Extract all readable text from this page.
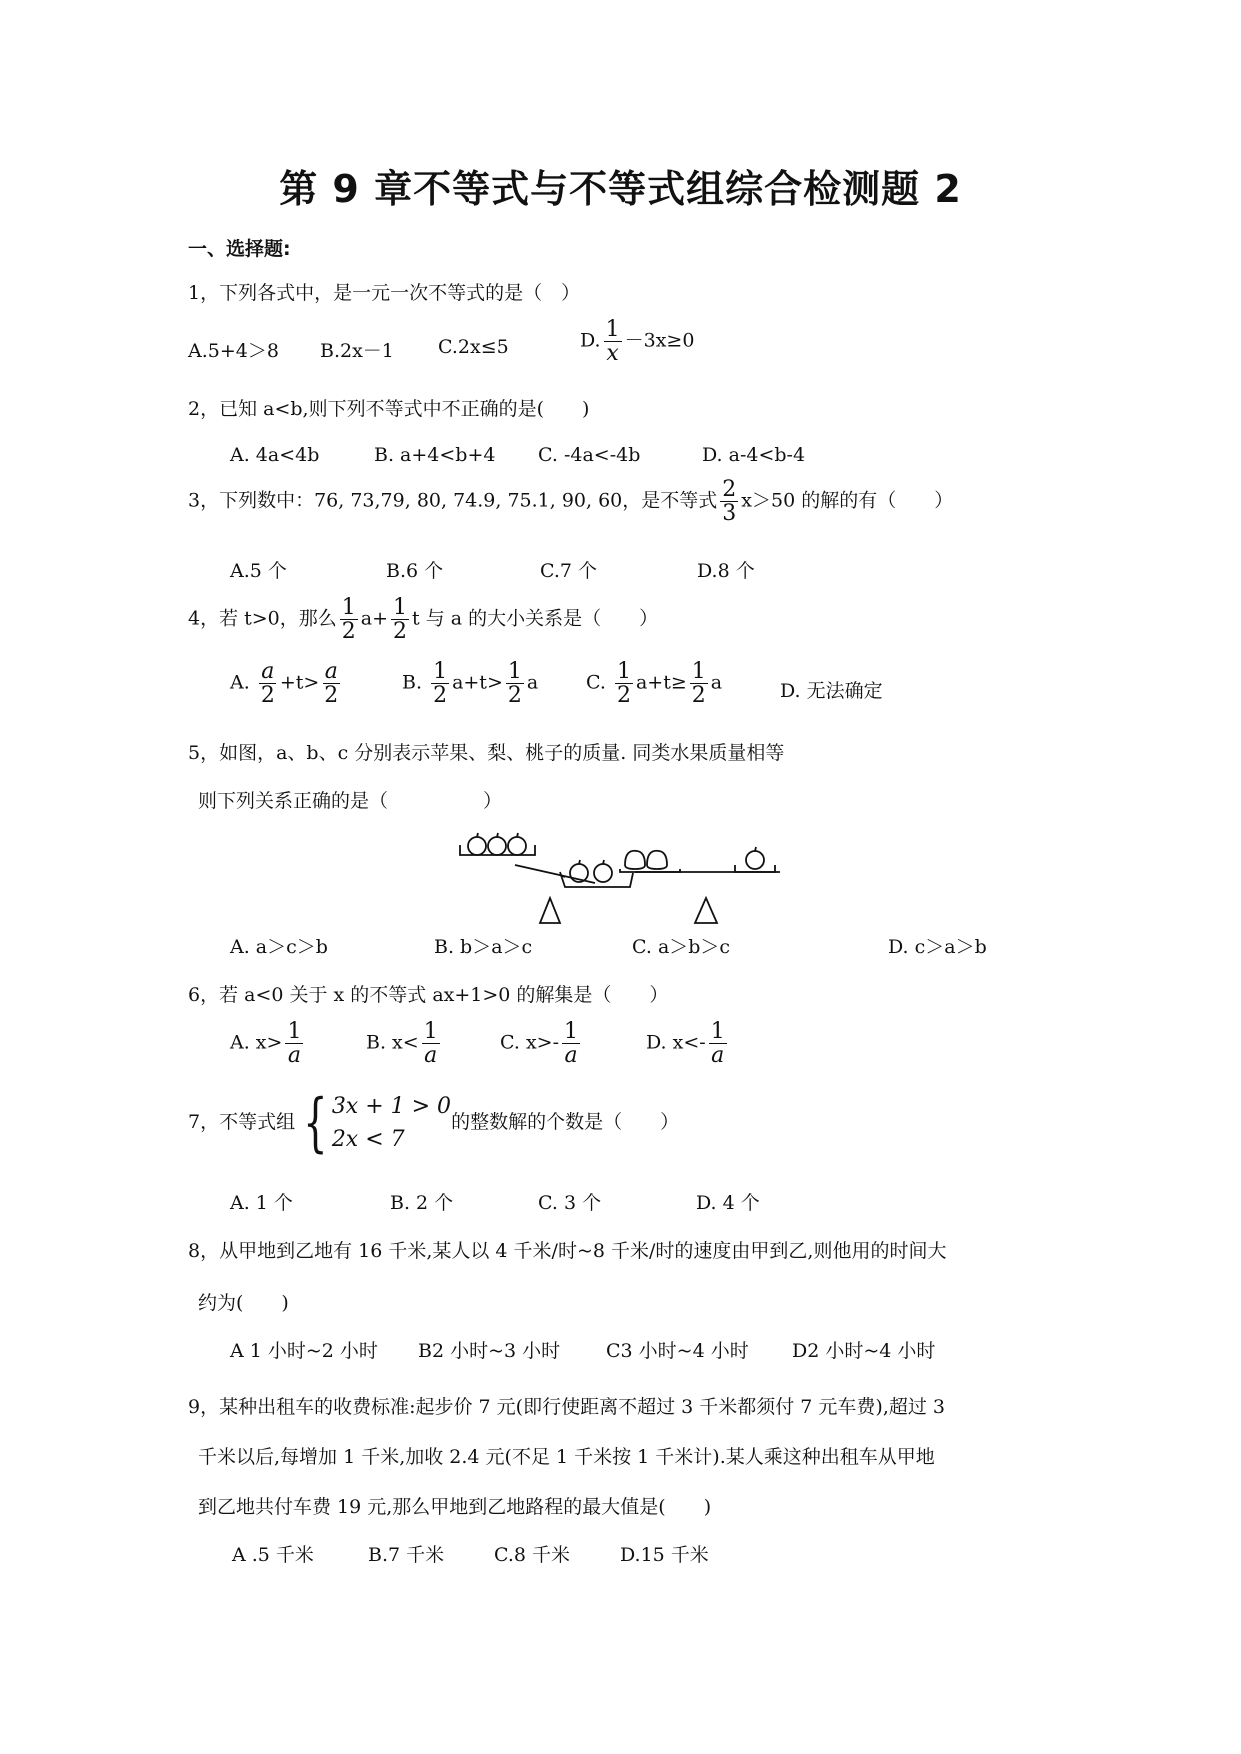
第 9 章不等式与不等式组综合检测题 2
一、选择题:
1，下列各式中，是一元一次不等式的是（　）
A.5+4＞8 B.2x－1 C.2x≤5	D. $\frac{1}{x} -3x\ge 0$
2，已知 a<b,则下列不等式中不正确的是(　　)
A. 4a<4b	B. a+4<b+4 C. -4a<-4b	D. a-4<b-4
3，下列数中：76, 73,79, 80, 74.9, 75.1, 90, 60，是不等式 $\frac{2}{3} x>50$ 的解的有（　　）
A.5 个	B.6 个	C.7 个	D.8 个
4，若 t>0，那么 $\frac{1}{2} a+ \frac{1}{2}$ t 与 a 的大小关系是（　　）
A. $\frac{a}{2} +t> \frac{a}{2}$	B. $\frac{1}{2} a+t> \frac{1}{2}$ a	C. $\frac{1}{2} a+t\ge \frac{1}{2}$ a	D. 无法确定
5，如图，a、b、c 分别表示苹果、梨、桃子的质量. 同类水果质量相等
则下列关系正确的是（　　　　　）
A. a＞c＞b	B. b＞a＞c	C. a＞b＞c	D. c＞a＞b
6，若 a<0 关于 x 的不等式 ax+1>0 的解集是（　　）
A. $x> \frac{1}{a}$	B. $x< \frac{1}{a}$	C. $x>- \frac{1}{a}$	D. $x<- \frac{1}{a}$
7，不等式组 { 3x + 1 > 0
2x < 7
的整数解的个数是（　　）
A. 1 个	B. 2 个	C. 3 个	D. 4 个
8，从甲地到乙地有 16 千米,某人以 4 千米/时~8 千米/时的速度由甲到乙,则他用的时间大
约为(　　)
A 1 小时~2 小时 B2 小时~3 小时 C3 小时~4 小时 D2 小时~4 小时
9，某种出租车的收费标准:起步价 7 元(即行使距离不超过 3 千米都须付 7 元车费),超过 3
千米以后,每增加 1 千米,加收 2.4 元(不足 1 千米按 1 千米计).某人乘这种出租车从甲地
到乙地共付车费 19 元,那么甲地到乙地路程的最大值是(　　)
A .5 千米	B.7 千米	C.8 千米	D.15 千米
